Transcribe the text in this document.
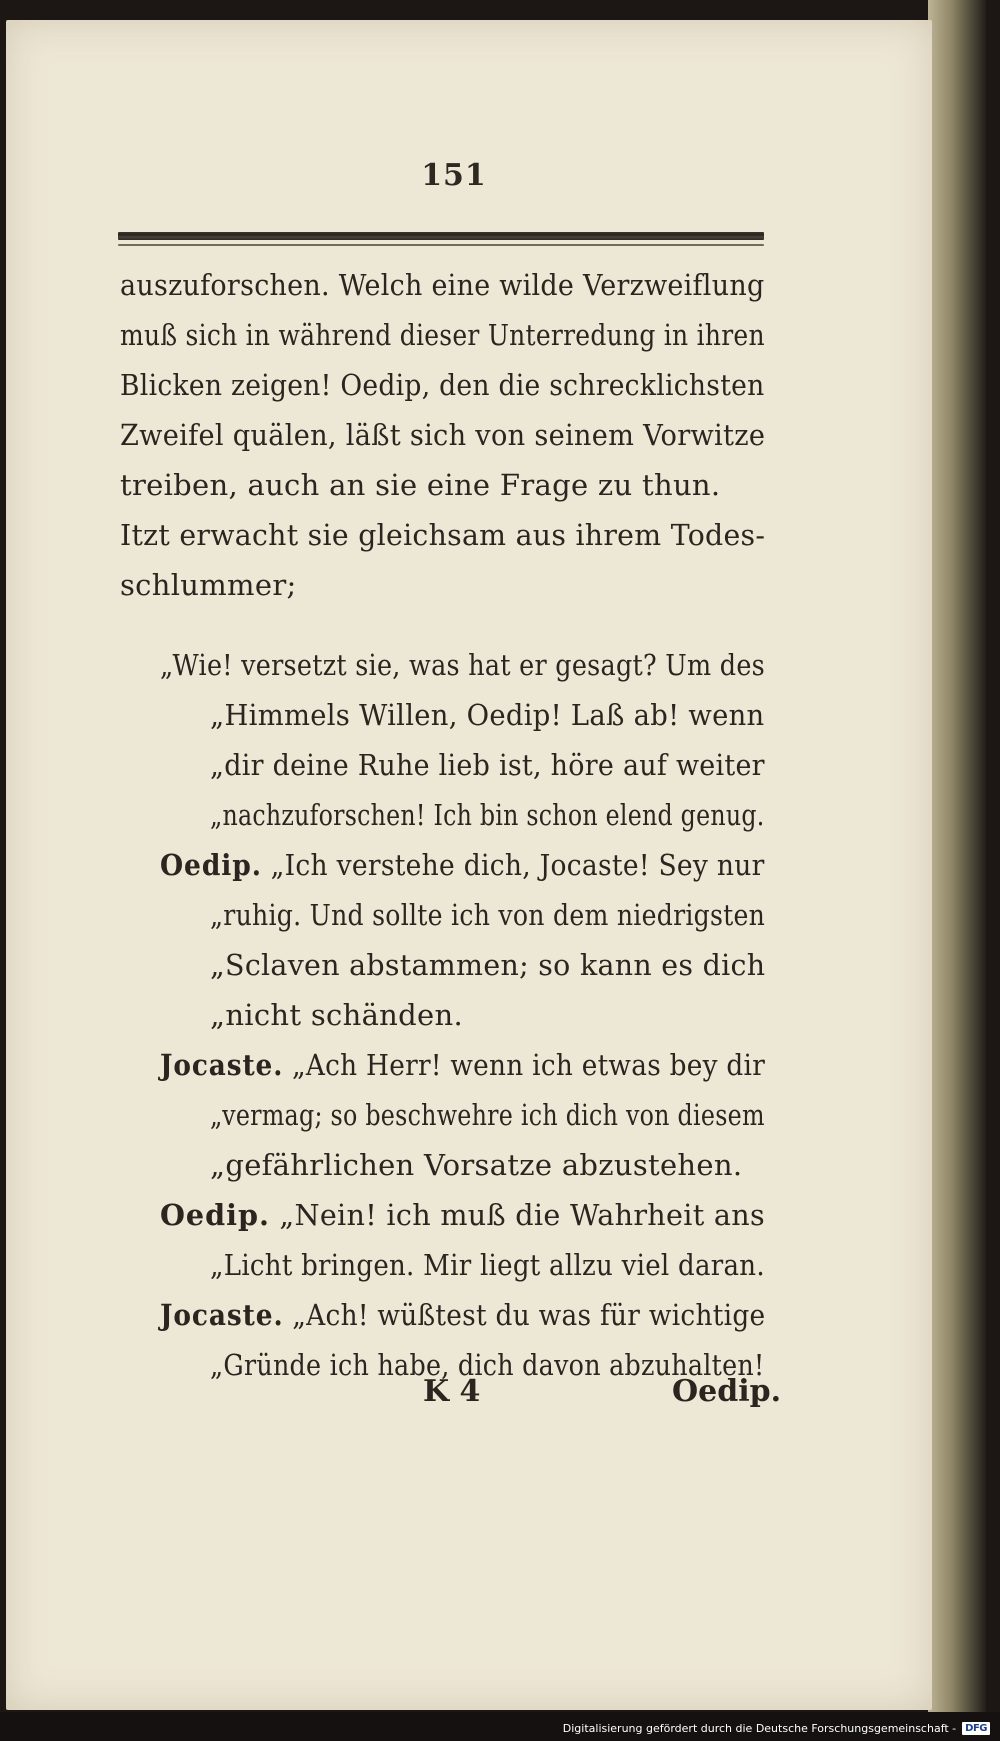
151
auszuforschen. Welch eine wilde Verzweiflung
muß sich in während dieser Unterredung in ihren
Blicken zeigen! Oedip, den die schrecklichsten
Zweifel quälen, läßt sich von seinem Vorwitze
treiben, auch an sie eine Frage zu thun.
Itzt erwacht sie gleichsam aus ihrem Todes-
schlummer;
„Wie! versetzt sie, was hat er gesagt? Um des
„Himmels Willen, Oedip! Laß ab! wenn
„dir deine Ruhe lieb ist, höre auf weiter
„nachzuforschen! Ich bin schon elend genug.
Oedip. „Ich verstehe dich, Jocaste! Sey nur
„ruhig. Und sollte ich von dem niedrigsten
„Sclaven abstammen; so kann es dich
„nicht schänden.
Jocaste. „Ach Herr! wenn ich etwas bey dir
„vermag; so beschwehre ich dich von diesem
„gefährlichen Vorsatze abzustehen.
Oedip. „Nein! ich muß die Wahrheit ans
„Licht bringen. Mir liegt allzu viel daran.
Jocaste. „Ach! wüßtest du was für wichtige
„Gründe ich habe, dich davon abzuhalten!
K 4	Oedip.
Digitalisierung gefördert durch die Deutsche Forschungsgemeinschaft - DFG
